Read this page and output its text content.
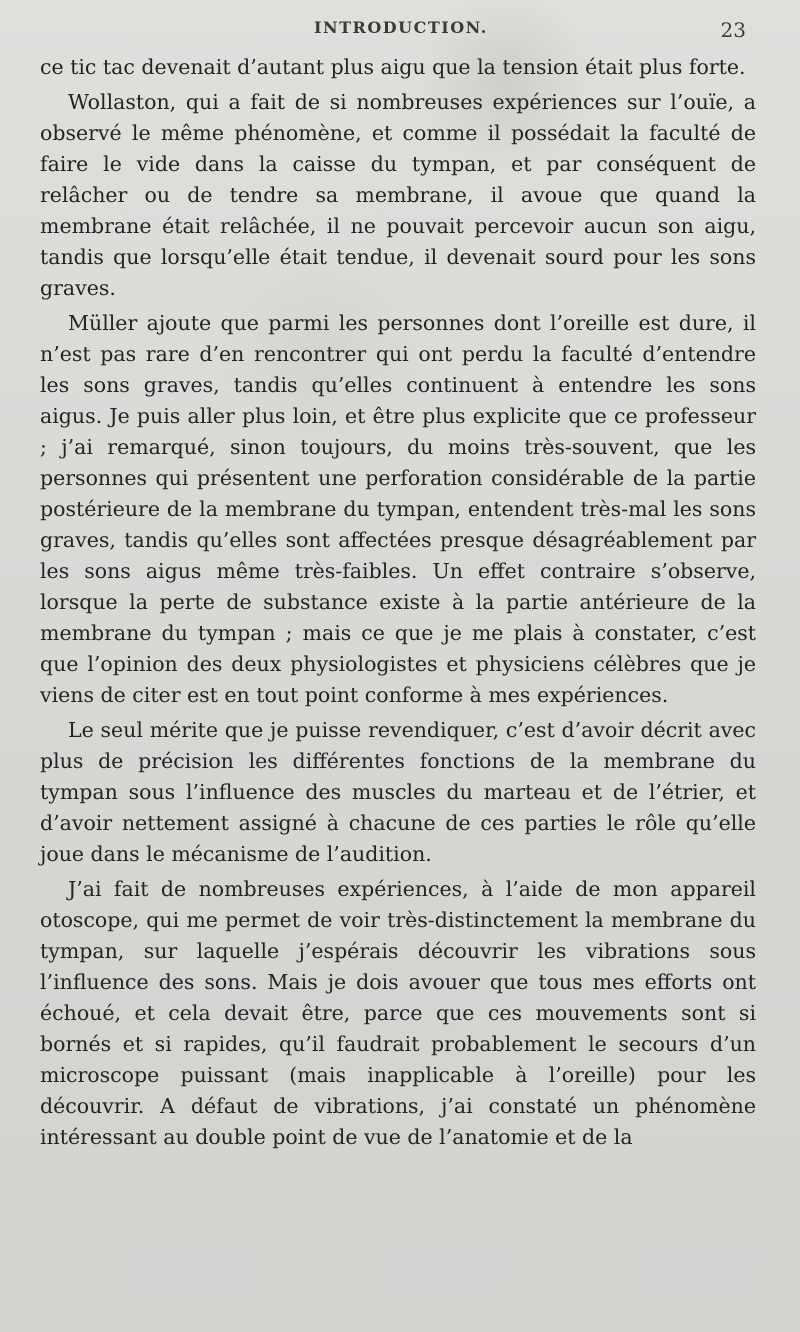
INTRODUCTION.	23

ce tic tac devenait d’autant plus aigu que la tension était plus forte.

Wollaston, qui a fait de si nombreuses expériences sur l’ouïe, a observé le même phénomène, et comme il possédait la faculté de faire le vide dans la caisse du tympan, et par conséquent de relâcher ou de tendre sa membrane, il avoue que quand la membrane était relâchée, il ne pouvait percevoir aucun son aigu, tandis que lorsqu’elle était tendue, il devenait sourd pour les sons graves.

Müller ajoute que parmi les personnes dont l’oreille est dure, il n’est pas rare d’en rencontrer qui ont perdu la faculté d’entendre les sons graves, tandis qu’elles continuent à entendre les sons aigus. Je puis aller plus loin, et être plus explicite que ce professeur ; j’ai remarqué, sinon toujours, du moins très-souvent, que les personnes qui présentent une perforation considérable de la partie postérieure de la membrane du tympan, entendent très-mal les sons graves, tandis qu’elles sont affectées presque désagréablement par les sons aigus même très-faibles. Un effet contraire s’observe, lorsque la perte de substance existe à la partie antérieure de la membrane du tympan ; mais ce que je me plais à constater, c’est que l’opinion des deux physiologistes et physiciens célèbres que je viens de citer est en tout point conforme à mes expériences.

Le seul mérite que je puisse revendiquer, c’est d’avoir décrit avec plus de précision les différentes fonctions de la membrane du tympan sous l’influence des muscles du marteau et de l’étrier, et d’avoir nettement assigné à chacune de ces parties le rôle qu’elle joue dans le mécanisme de l’audition.

J’ai fait de nombreuses expériences, à l’aide de mon appareil otoscope, qui me permet de voir très-distinctement la membrane du tympan, sur laquelle j’espérais découvrir les vibrations sous l’influence des sons. Mais je dois avouer que tous mes efforts ont échoué, et cela devait être, parce que ces mouvements sont si bornés et si rapides, qu’il faudrait probablement le secours d’un microscope puissant (mais inapplicable à l’oreille) pour les découvrir. A défaut de vibrations, j’ai constaté un phénomène intéressant au double point de vue de l’anatomie et de la
